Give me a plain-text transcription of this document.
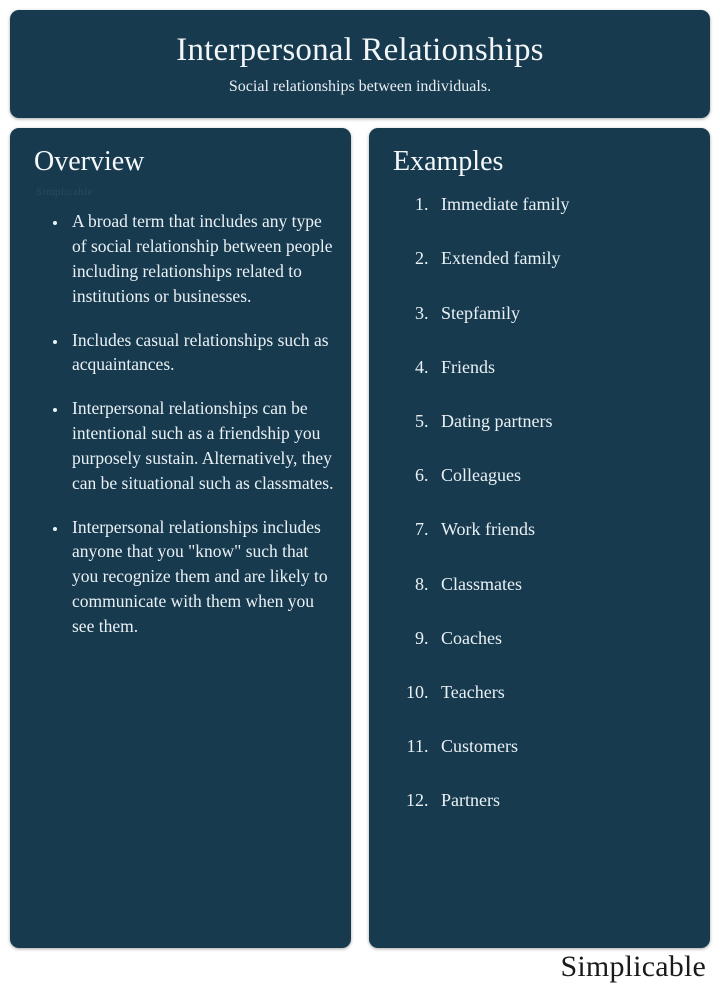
Interpersonal Relationships
Social relationships between individuals.
Overview
Simplicable
• A broad term that includes any type of social relationship between people including relationships related to institutions or businesses.
• Includes casual relationships such as acquaintances.
• Interpersonal relationships can be intentional such as a friendship you purposely sustain. Alternatively, they can be situational such as classmates.
• Interpersonal relationships includes anyone that you "know" such that you recognize them and are likely to communicate with them when you see them.
Examples
1. Immediate family
2. Extended family
3. Stepfamily
4. Friends
5. Dating partners
6. Colleagues
7. Work friends
8. Classmates
9. Coaches
10. Teachers
11. Customers
12. Partners
Simplicable
